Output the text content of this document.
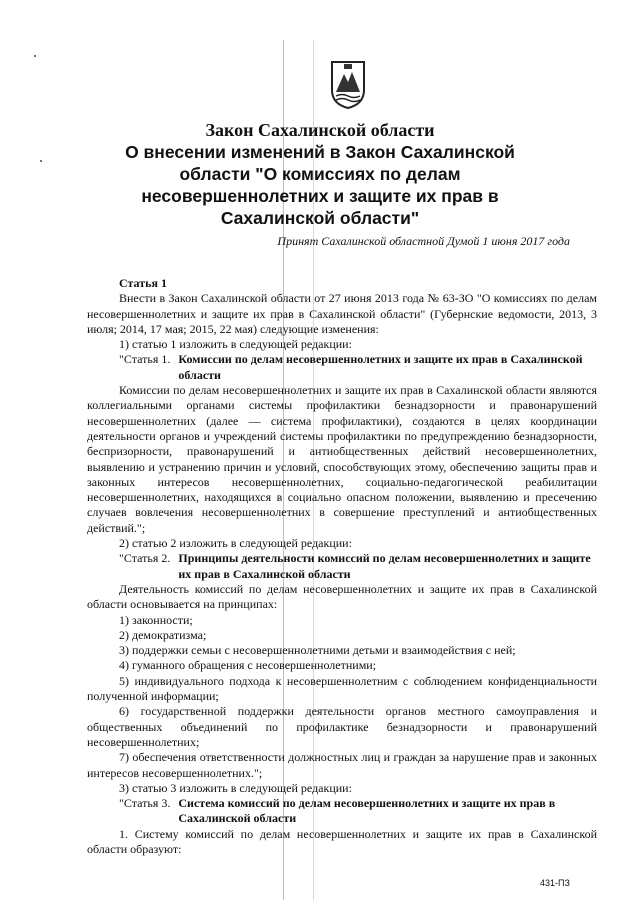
Закон Сахалинской области
О внесении изменений в Закон Сахалинской
области "О комиссиях по делам
несовершеннолетних и защите их прав в
Сахалинской области"
Принят Сахалинской областной Думой 1 июня 2017 года

Статья 1

Внести в Закон Сахалинской области от 27 июня 2013 года № 63-ЗО "О комиссиях по делам несовершеннолетних и защите их прав в Сахалинской области" (Губернские ведомости, 2013, 3 июля; 2014, 17 мая; 2015, 22 мая) следующие изменения:

1) статью 1 изложить в следующей редакции:

"Статья 1. Комиссии по делам несовершеннолетних и защите их прав в Сахалинской области

Комиссии по делам несовершеннолетних и защите их прав в Сахалинской области являются коллегиальными органами системы профилактики безнадзорности и правонарушений несовершеннолетних (далее — система профилактики), создаются в целях координации деятельности органов и учреждений системы профилактики по предупреждению безнадзорности, беспризорности, правонарушений и антиобщественных действий несовершеннолетних, выявлению и устранению причин и условий, способствующих этому, обеспечению защиты прав и законных интересов несовершеннолетних, социально-педагогической реабилитации несовершеннолетних, находящихся в социально опасном положении, выявлению и пресечению случаев вовлечения несовершеннолетних в совершение преступлений и антиобщественных действий.";

2) статью 2 изложить в следующей редакции:

"Статья 2. Принципы деятельности комиссий по делам несовершеннолетних и защите их прав в Сахалинской области

Деятельность комиссий по делам несовершеннолетних и защите их прав в Сахалинской области основывается на принципах:

1) законности;

2) демократизма;

3) поддержки семьи с несовершеннолетними детьми и взаимодействия с ней;

4) гуманного обращения с несовершеннолетними;

5) индивидуального подхода к несовершеннолетним с соблюдением конфиденциальности полученной информации;

6) государственной поддержки деятельности органов местного самоуправления и общественных объединений по профилактике безнадзорности и правонарушений несовершеннолетних;

7) обеспечения ответственности должностных лиц и граждан за нарушение прав и законных интересов несовершеннолетних.";

3) статью 3 изложить в следующей редакции:

"Статья 3. Система комиссий по делам несовершеннолетних и защите их прав в Сахалинской области

1. Систему комиссий по делам несовершеннолетних и защите их прав в Сахалинской области образуют:

431-ПЗ
